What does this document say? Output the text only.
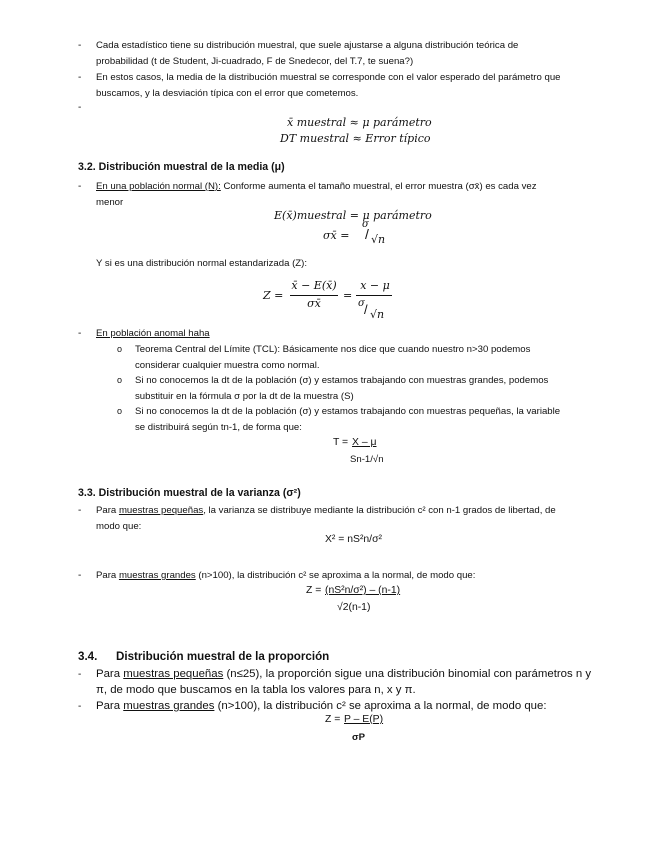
- Cada estadístico tiene su distribución muestral, que suele ajustarse a alguna distribución teórica de
probabilidad (t de Student, Ji-cuadrado, F de Snedecor, del T.7, te suena?)
- En estos casos, la media de la distribución muestral se corresponde con el valor esperado del parámetro que
buscamos, y la desviación típica con el error que cometemos.
-
x̄ muestral ≈ μ parámetro
DT muestral ≈ Error típico
3.2. Distribución muestral de la media (μ)
- En una población normal (N): Conforme aumenta el tamaño muestral, el error muestra (σx̄) es cada vez
menor
E(x̄)muestral = μ parámetro
σx̄ =
σ
/ √n
Y si es una distribución normal estandarizada (Z):
Z =
x̄ − E(x̄)
σx̄
=
x − μ
σ / √n
- En población anomal haha
o Teorema Central del Límite (TCL): Básicamente nos dice que cuando nuestro n>30 podemos
considerar cualquier muestra como normal.
o Si no conocemos la dt de la población (σ) y estamos trabajando con muestras grandes, podemos
substituir en la fórmula σ por la dt de la muestra (S)
o Si no conocemos la dt de la población (σ) y estamos trabajando con muestras pequeñas, la variable
se distribuirá según tn-1, de forma que:
T = X – μ
Sn-1/√n
3.3. Distribución muestral de la varianza (σ²)
- Para muestras pequeñas, la varianza se distribuye mediante la distribución c² con n-1 grados de libertad, de
modo que:
X² = nS²n/σ²
- Para muestras grandes (n>100), la distribución c² se aproxima a la normal, de modo que:
Z = (nS²n/σ²) – (n-1)
√2(n-1)
3.4. Distribución muestral de la proporción
- Para muestras pequeñas (n≤25), la proporción sigue una distribución binomial con parámetros n y
π, de modo que buscamos en la tabla los valores para n, x y π.
- Para muestras grandes (n>100), la distribución c² se aproxima a la normal, de modo que:
Z = P – E(P)
σP
